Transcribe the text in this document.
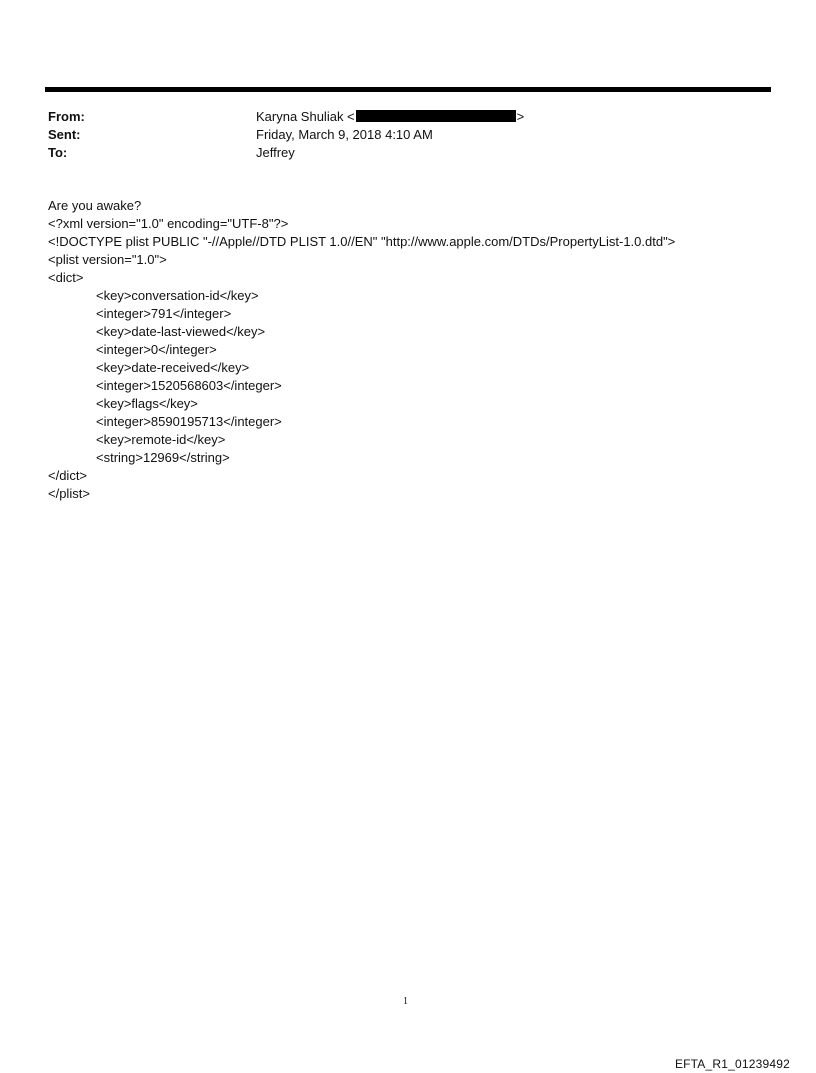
From:	Karyna Shuliak <	>
Sent:	Friday, March 9, 2018 4:10 AM
To:	Jeffrey
Are you awake?
<?xml version="1.0" encoding="UTF-8"?>
<!DOCTYPE plist PUBLIC "-//Apple//DTD PLIST 1.0//EN" "http://www.apple.com/DTDs/PropertyList-1.0.dtd">
<plist version="1.0">
<dict>
<key>conversation-id</key>
<integer>791</integer>
<key>date-last-viewed</key>
<integer>0</integer>
<key>date-received</key>
<integer>1520568603</integer>
<key>flags</key>
<integer>8590195713</integer>
<key>remote-id</key>
<string>12969</string>
</dict>
</plist>
1
EFTA_R1_01239492
